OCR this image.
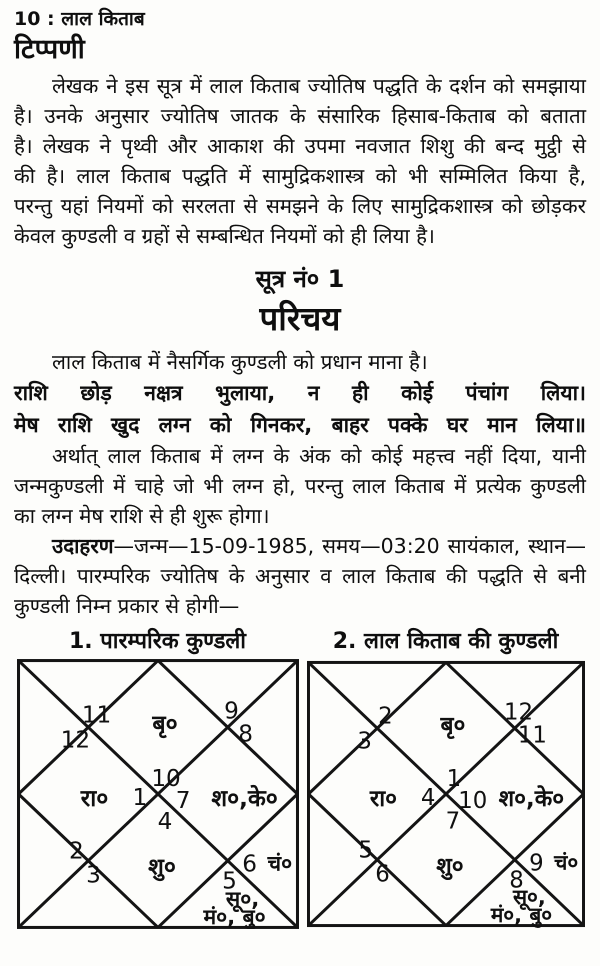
10 : लाल किताब
टिप्पणी
लेखक ने इस सूत्र में लाल किताब ज्योतिष पद्धति के दर्शन को समझाया
है। उनके अनुसार ज्योतिष जातक के संसारिक हिसाब-किताब को बताता
है। लेखक ने पृथ्वी और आकाश की उपमा नवजात शिशु की बन्द मुट्ठी से
की है। लाल किताब पद्धति में सामुद्रिकशास्त्र को भी सम्मिलित किया है,
परन्तु यहां नियमों को सरलता से समझने के लिए सामुद्रिकशास्त्र को छोड़कर
केवल कुण्डली व ग्रहों से सम्बन्धित नियमों को ही लिया है।
सूत्र नं० 1
परिचय
लाल किताब में नैसर्गिक कुण्डली को प्रधान माना है।
राशि छोड़ नक्षत्र भुलाया, न ही कोई पंचांग लिया।
मेष राशि खुद लग्न को गिनकर, बाहर पक्के घर मान लिया॥
अर्थात् लाल किताब में लग्न के अंक को कोई महत्त्व नहीं दिया, यानी
जन्मकुण्डली में चाहे जो भी लग्न हो, परन्तु लाल किताब में प्रत्येक कुण्डली
का लग्न मेष राशि से ही शुरू होगा।
उदाहरण—जन्म—15-09-1985, समय—03:20 सायंकाल, स्थान—
दिल्ली। पारम्परिक ज्योतिष के अनुसार व लाल किताब की पद्धति से बनी
कुण्डली निम्न प्रकार से होगी—
1. पारम्परिक कुण्डली
11
12
9
8
10
1 7
4
2
3	6
5
बृ०
रा०	श०,के०
शु०
सू०,
मं०, बु०
चं०
2. लाल किताब की कुण्डली
2
3
12
11
1
4 10
7
5
6	9
8
बृ०
रा०	श०,के०
शु०
सू०,
मं०, बु०
चं०
